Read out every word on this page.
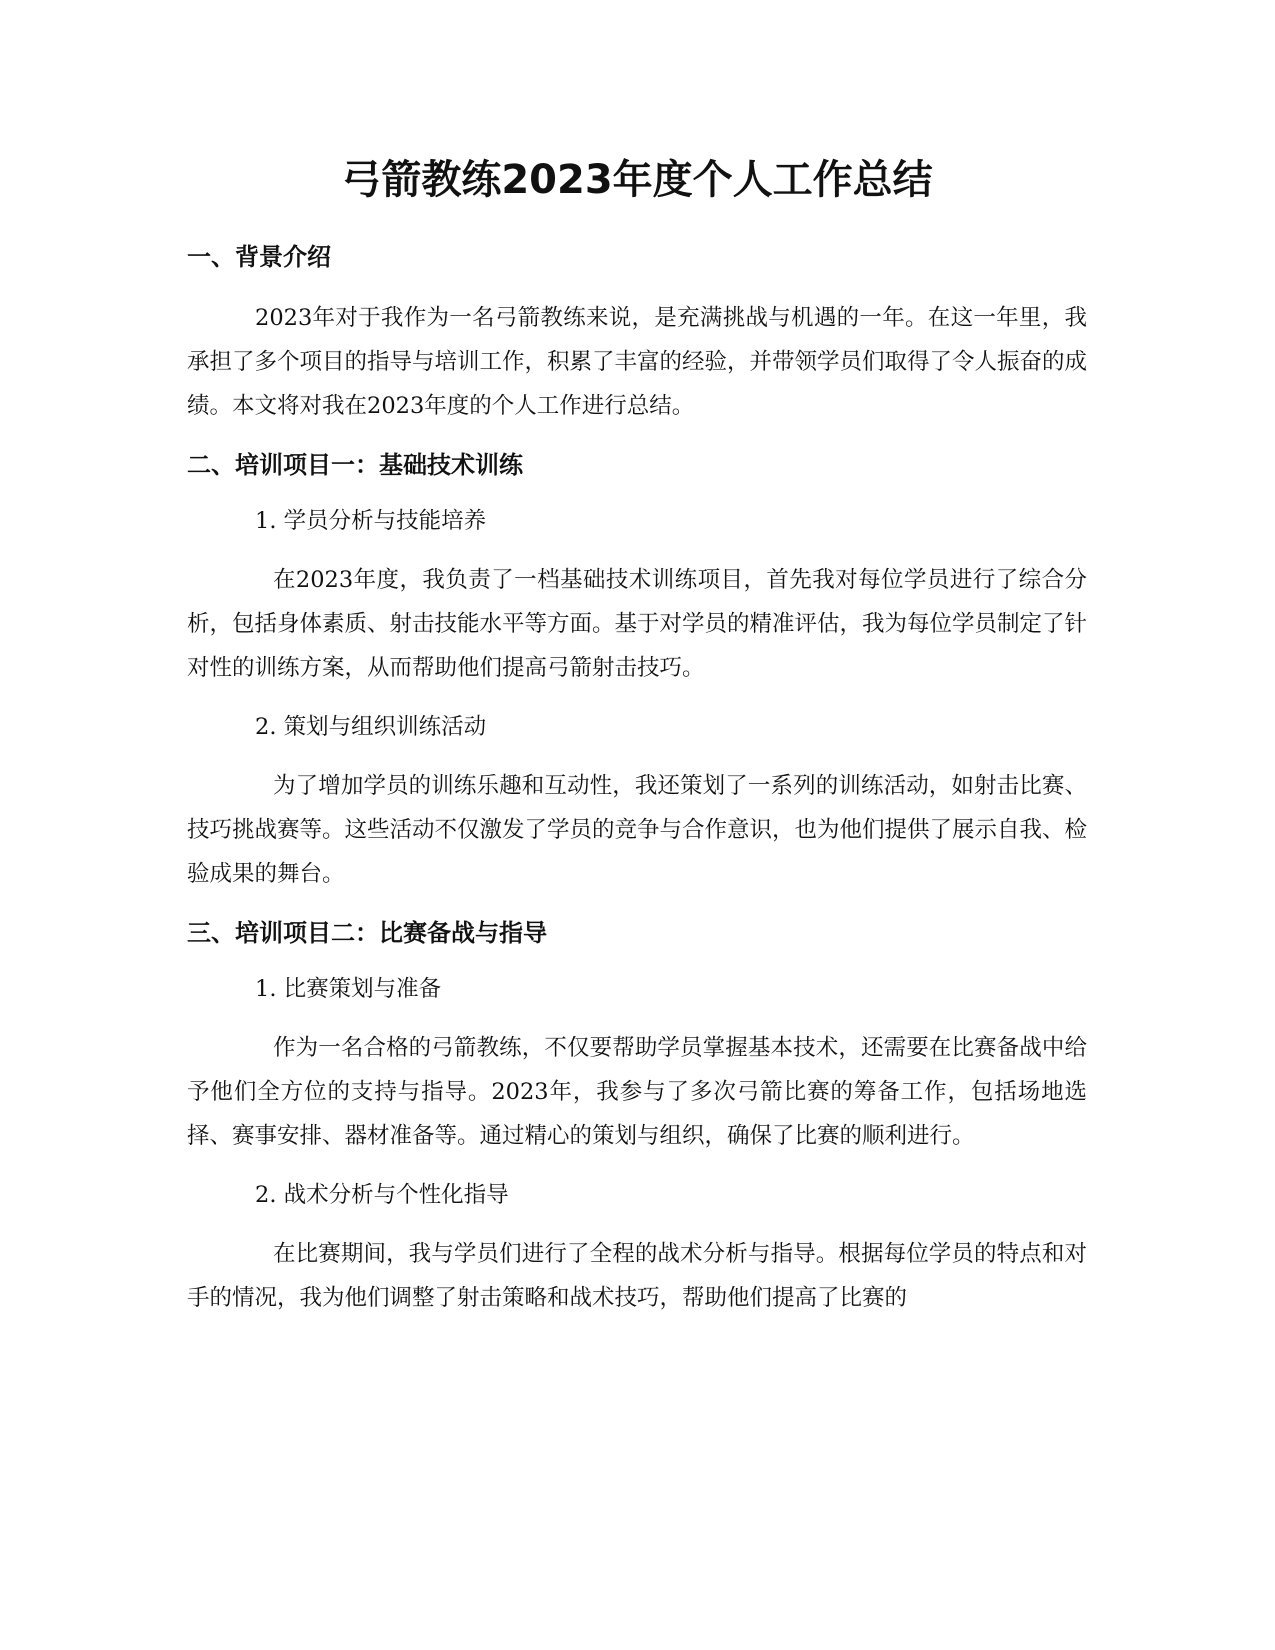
弓箭教练2023年度个人工作总结
一、背景介绍

2023年对于我作为一名弓箭教练来说，是充满挑战与机遇的一年。在这一年里，我承担了多个项目的指导与培训工作，积累了丰富的经验，并带领学员们取得了令人振奋的成绩。本文将对我在2023年度的个人工作进行总结。

二、培训项目一：基础技术训练
1. 学员分析与技能培养

在2023年度，我负责了一档基础技术训练项目，首先我对每位学员进行了综合分析，包括身体素质、射击技能水平等方面。基于对学员的精准评估，我为每位学员制定了针对性的训练方案，从而帮助他们提高弓箭射击技巧。

2. 策划与组织训练活动

为了增加学员的训练乐趣和互动性，我还策划了一系列的训练活动，如射击比赛、技巧挑战赛等。这些活动不仅激发了学员的竞争与合作意识，也为他们提供了展示自我、检验成果的舞台。

三、培训项目二：比赛备战与指导
1. 比赛策划与准备

作为一名合格的弓箭教练，不仅要帮助学员掌握基本技术，还需要在比赛备战中给予他们全方位的支持与指导。2023年，我参与了多次弓箭比赛的筹备工作，包括场地选择、赛事安排、器材准备等。通过精心的策划与组织，确保了比赛的顺利进行。

2. 战术分析与个性化指导

在比赛期间，我与学员们进行了全程的战术分析与指导。根据每位学员的特点和对手的情况，我为他们调整了射击策略和战术技巧，帮助他们提高了比赛的
